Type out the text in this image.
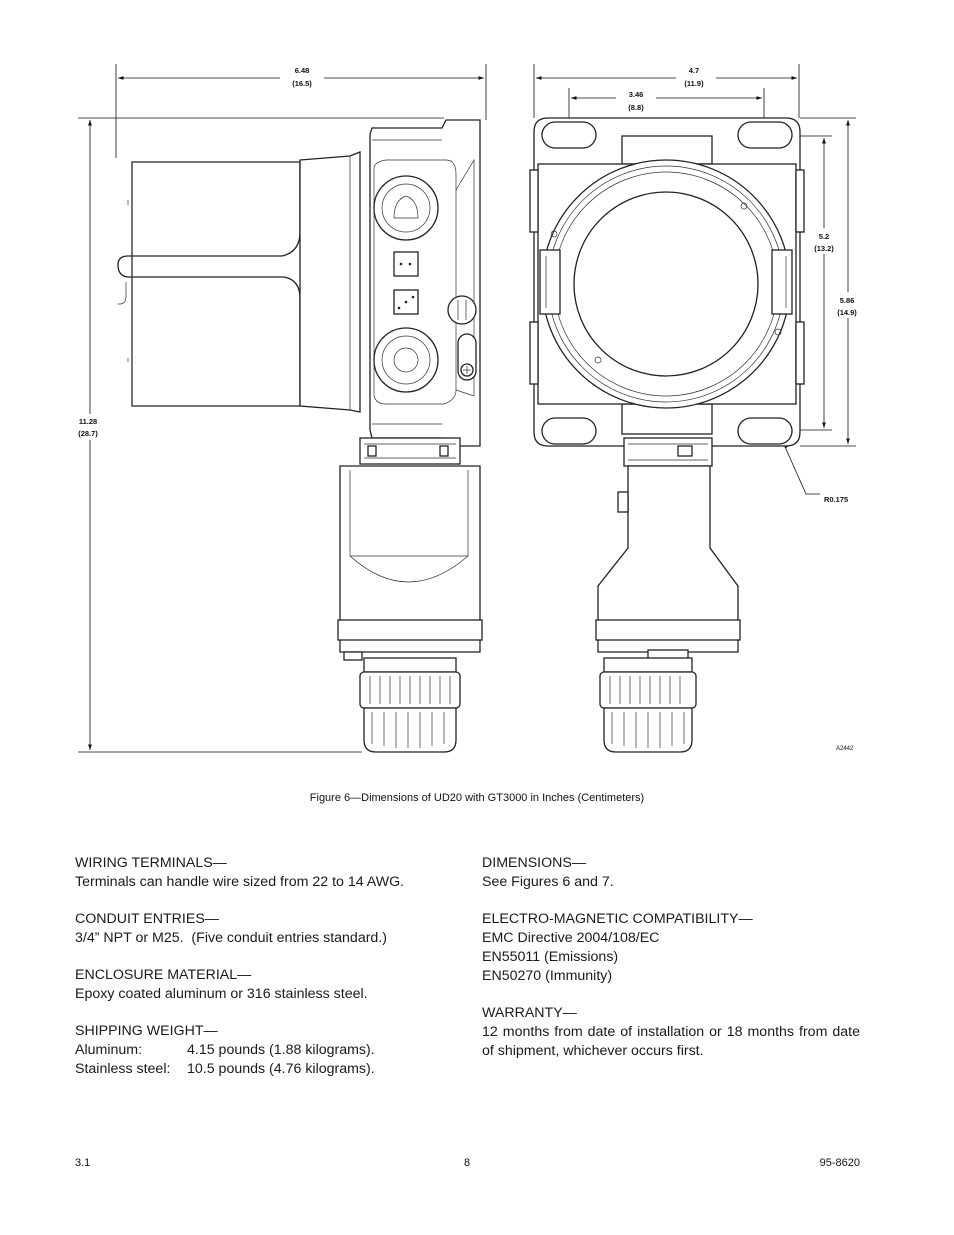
6.48
(16.5)
11.28
(28.7)
4.7
(11.9)
3.46
(8.8)
5.2
(13.2)
5.86
(14.9)
R0.175
A2442
Figure 6—Dimensions of UD20 with GT3000 in Inches (Centimeters)
WIRING TERMINALS—
Terminals can handle wire sized from 22 to 14 AWG.
CONDUIT ENTRIES—
3/4” NPT or M25.  (Five conduit entries standard.)
ENCLOSURE MATERIAL—
Epoxy coated aluminum or 316 stainless steel.
SHIPPING WEIGHT—
Aluminum:	4.15 pounds (1.88 kilograms).
Stainless steel:	10.5 pounds (4.76 kilograms).
DIMENSIONS—
See Figures 6 and 7.
ELECTRO-MAGNETIC COMPATIBILITY—
EMC Directive 2004/108/EC
EN55011 (Emissions)
EN50270 (Immunity)
WARRANTY—
12 months from date of installation or 18 months from date of shipment, whichever occurs first.
3.1	8	95-8620
